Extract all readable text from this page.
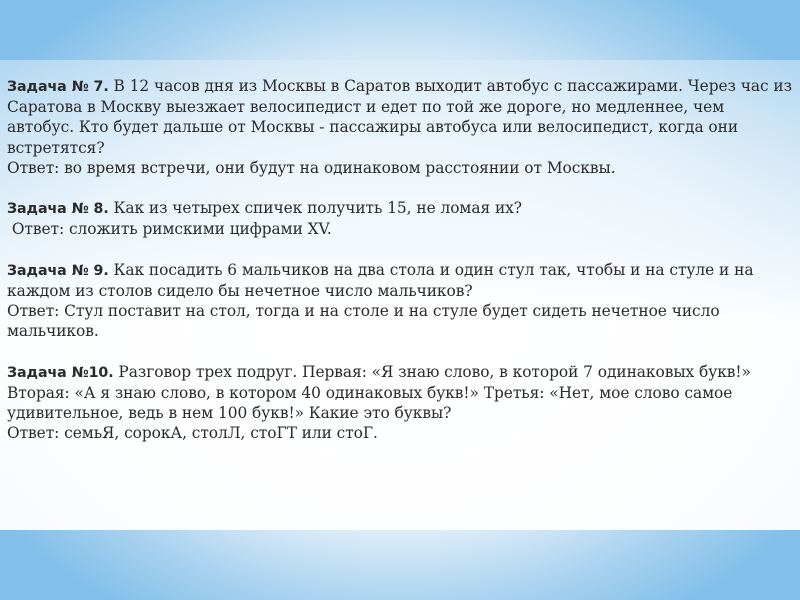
Задача № 7. В 12 часов дня из Москвы в Саратов выходит автобус с пассажирами. Через час из Саратова в Москву выезжает велосипедист и едет по той же дороге, но медленнее, чем автобус. Кто будет дальше от Москвы - пассажиры автобуса или велосипедист, когда они встретятся?

Ответ: во время встречи, они будут на одинаковом расстоянии от Москвы.

Задача № 8. Как из четырех спичек получить 15, не ломая их?

Ответ: сложить римскими цифрами XV.

Задача № 9. Как посадить 6 мальчиков на два стола и один стул так, чтобы и на стуле и на каждом из столов сидело бы нечетное число мальчиков?

Ответ: Стул поставит на стол, тогда и на столе и на стуле будет сидеть нечетное число мальчиков.

Задача №10. Разговор трех подруг. Первая: «Я знаю слово, в которой 7 одинаковых букв!» Вторая: «А я знаю слово, в котором 40 одинаковых букв!» Третья: «Нет, мое слово самое удивительное, ведь в нем 100 букв!» Какие это буквы?

Ответ: семьЯ, сорокА, столЛ, стоГТ или стоГ.
